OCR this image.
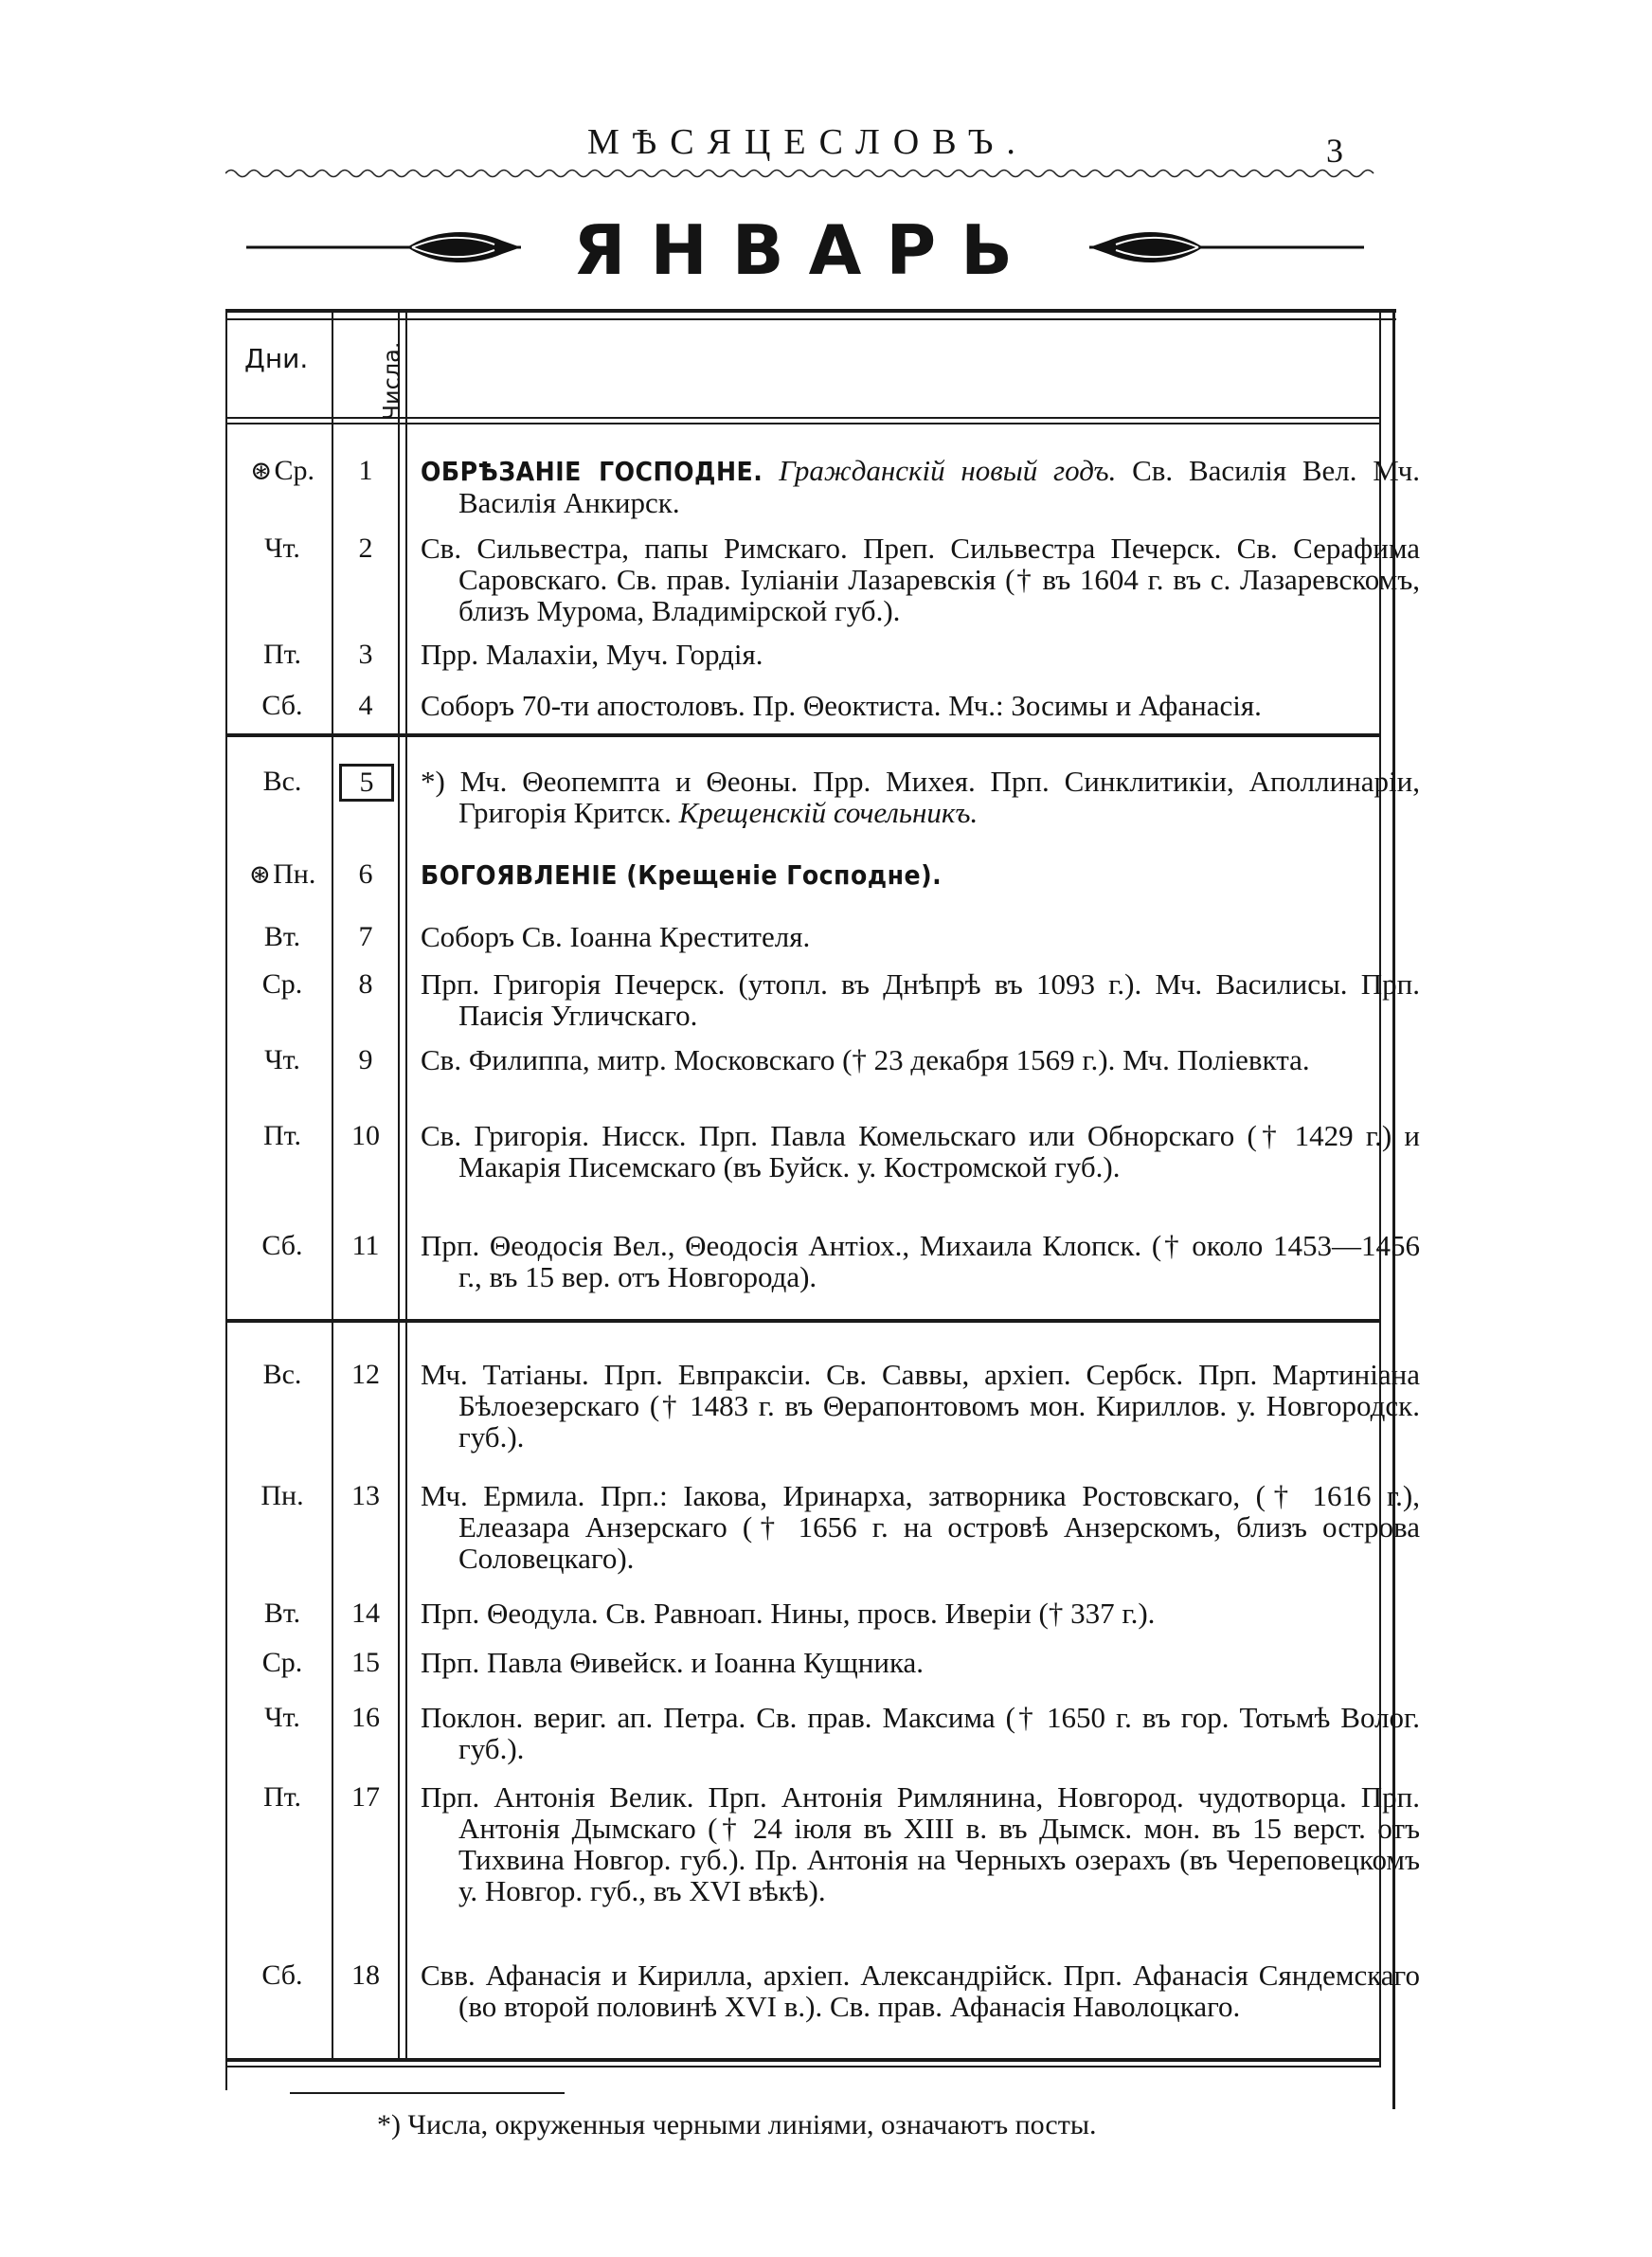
МѢСЯЦЕСЛОВЪ.	3
ЯНВАРЬ
Дни.	Числа.
⊛Ср.	1	ОБРѢЗАНІЕ ГОСПОДНЕ. Гражданскій новый годъ. Св. Василія Вел. Мч. Василія Анкирск.
Чт.	2	Св. Сильвестра, папы Римскаго. Преп. Сильвестра Печерск. Св. Серафима Саровскаго. Св. прав. Іуліаніи Лазаревскія († въ 1604 г. въ с. Лазаревскомъ, близъ Мурома, Владимірской губ.).
Пт.	3	Прр. Малахіи, Муч. Гордія.
Сб.	4	Соборъ 70-ти апостоловъ. Пр. Θеоктиста. Мч.: Зосимы и Афанасія.
Вс.	5	*) Мч. Θеопемпта и Θеоны. Прр. Михея. Прп. Синклитикіи, Аполлинаріи, Григорія Критск. Крещенскій сочельникъ.
⊛Пн.	6	БОГОЯВЛЕНІЕ (Крещеніе Господне).
Вт.	7	Соборъ Св. Іоанна Крестителя.
Ср.	8	Прп. Григорія Печерск. (утопл. въ Днѣпрѣ въ 1093 г.). Мч. Василисы. Прп. Паисія Угличскаго.
Чт.	9	Св. Филиппа, митр. Московскаго († 23 декабря 1569 г.). Мч. Поліевкта.
Пт.	10	Св. Григорія. Нисск. Прп. Павла Комельскаго или Обнорскаго († 1429 г.) и Макарія Писемскаго (въ Буйск. у. Костромской губ.).
Сб.	11	Прп. Θеодосія Вел., Θеодосія Антіох., Михаила Клопск. († около 1453—1456 г., въ 15 вер. отъ Новгорода).
Вс.	12	Мч. Татіаны. Прп. Евпраксіи. Св. Саввы, архіеп. Сербск. Прп. Мартиніана Бѣлоезерскаго († 1483 г. въ Θерапонтовомъ мон. Кириллов. у. Новгородск. губ.).
Пн.	13	Мч. Ермила. Прп.: Іакова, Иринарха, затворника Ростовскаго, († 1616 г.), Елеазара Анзерскаго († 1656 г. на островѣ Анзерскомъ, близъ острова Соловецкаго).
Вт.	14	Прп. Θеодула. Св. Равноап. Нины, просв. Иверіи († 337 г.).
Ср.	15	Прп. Павла Θивейск. и Іоанна Кущника.
Чт.	16	Поклон. вериг. ап. Петра. Св. прав. Максима († 1650 г. въ гор. Тотьмѣ Волог. губ.).
Пт.	17	Прп. Антонія Велик. Прп. Антонія Римлянина, Новгород. чудотворца. Прп. Антонія Дымскаго († 24 іюля въ XIII в. въ Дымск. мон. въ 15 верст. отъ Тихвина Новгор. губ.). Пр. Антонія на Черныхъ озерахъ (въ Череповецкомъ у. Новгор. губ., въ XVI вѣкѣ).
Сб.	18	Свв. Афанасія и Кирилла, архіеп. Александрійск. Прп. Афанасія Сяндемскаго (во второй половинѣ XVI в.). Св. прав. Афанасія Наволоцкаго.
*) Числа, окруженныя черными линіями, означаютъ посты.
